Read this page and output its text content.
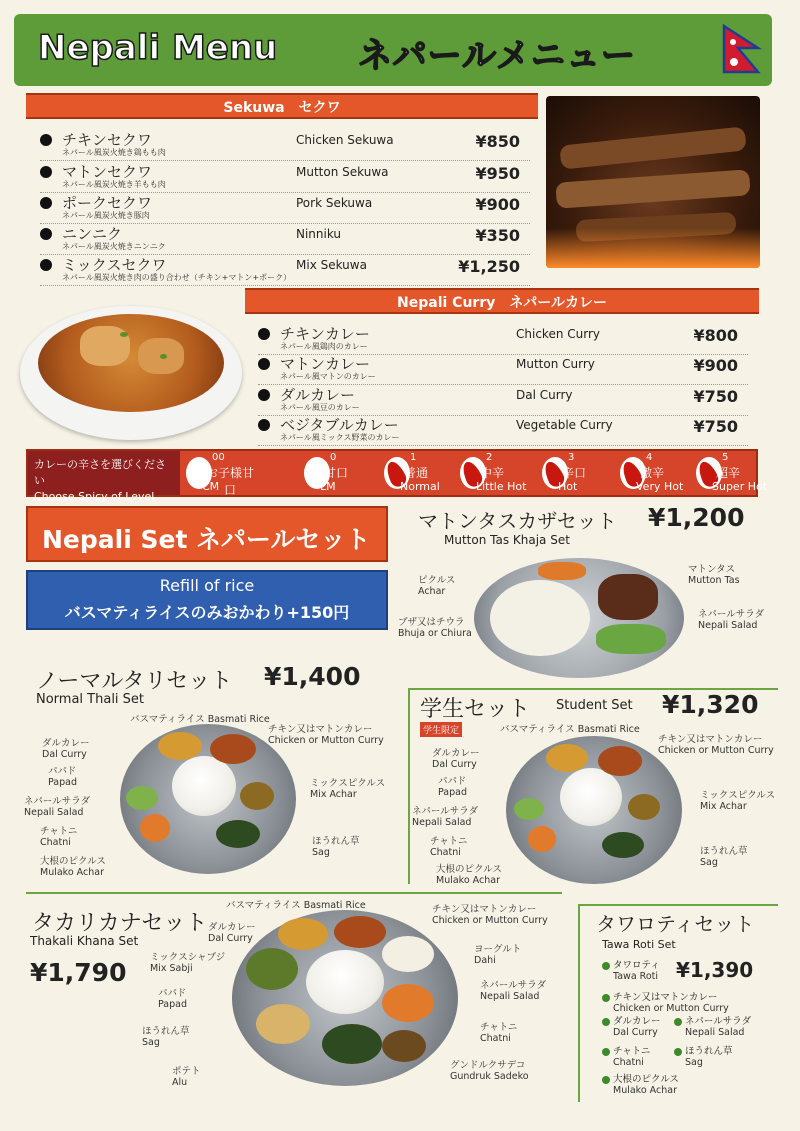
Nepali Menu ネパールメニュー
Sekuwa　セクワ
チキンセクワ
ネパール風炭火焼き鶏もも肉
Chicken Sekuwa	¥850
マトンセクワ
ネパール風炭火焼き羊もも肉
Mutton Sekuwa	¥950
ポークセクワ
ネパール風炭火焼き豚肉
Pork Sekuwa	¥900
ニンニク
ネパール風炭火焼きニンニク
Ninniku	¥350
ミックスセクワ
ネパール風炭火焼き肉の盛り合わせ（チキン+マトン+ポーク）
Mix Sekuwa	¥1,250
Nepali Curry　ネパールカレー
チキンカレー
ネパール風鶏肉のカレー
Chicken Curry	¥800
マトンカレー
ネパール風マトンのカレー
Mutton Curry	¥900
ダルカレー
ネパール風豆のカレー
Dal Curry	¥750
ベジタブルカレー
ネパール風ミックス野菜のカレー
Vegetable Curry	¥750
カレーの辛さを選びください
Choose Spicy of Level
00
お子様甘口
CM
0
甘口
LM
1
普通
Normal
2
中辛
Little Hot
3
辛口
Hot
4
激辛
Very Hot
5
超辛
Super Hot
Nepali Set ネパールセット
Refill of rice
バスマティライスのみおかわり+150円
マトンタスカザセット ¥1,200
Mutton Tas Khaja Set
ピクルス
Achar
ブザ又はチウラ
Bhuja or Chiura
マトンタス
Mutton Tas
ネパールサラダ
Nepali Salad
ノーマルタリセット ¥1,400
Normal Thali Set
バスマティライス Basmati Rice
チキン又はマトンカレー
Chicken or Mutton Curry
ダルカレー
Dal Curry
パパド
Papad
ネパールサラダ
Nepali Salad
ミックスピクルス
Mix Achar
チャトニ
Chatni	ほうれん草
Sag
大根のピクルス
Mulako Achar
学生セット Student Set ¥1,320
学生限定	バスマティライス Basmati Rice
チキン又はマトンカレー
Chicken or Mutton Curry
ダルカレー
Dal Curry
パパド
Papad
ネパールサラダ
Nepali Salad
ミックスピクルス
Mix Achar
チャトニ
Chatni	ほうれん草
Sag
大根のピクルス
Mulako Achar
タカリカナセット
Thakali Khana Set
¥1,790
バスマティライス Basmati Rice	チキン又はマトンカレー
Chicken or Mutton Curry
ダルカレー
Dal Curry
ヨーグルト
Dahi
ミックスシャブジ
Mix Sabji
ネパールサラダ
Nepali Salad
パパド
Papad
チャトニ
Chatni
ほうれん草
Sag
グンドルクサデコ
Gundruk Sadeko
ポテト
Alu
タワロティセット
Tawa Roti Set
¥1,390
タワロティ
Tawa Roti
チキン又はマトンカレー
Chicken or Mutton Curry
ダルカレー
Dal Curry
ネパールサラダ
Nepali Salad
チャトニ
Chatni
ほうれん草
Sag
大根のピクルス
Mulako Achar
